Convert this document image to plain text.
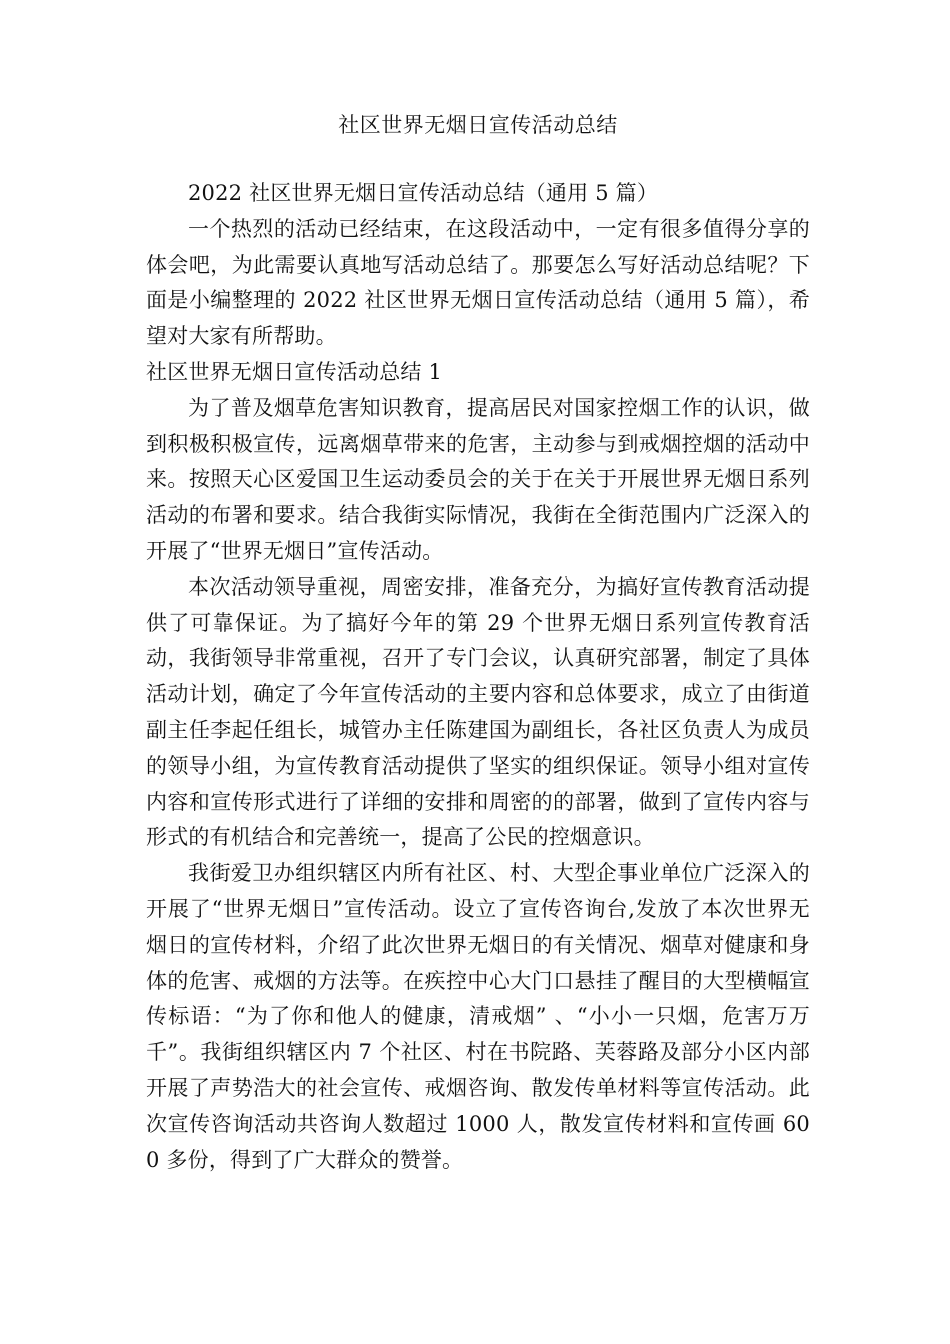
社区世界无烟日宣传活动总结

2022 社区世界无烟日宣传活动总结（通用 5 篇）

一个热烈的活动已经结束，在这段活动中，一定有很多值得分享的体会吧，为此需要认真地写活动总结了。那要怎么写好活动总结呢？下面是小编整理的 2022 社区世界无烟日宣传活动总结（通用 5 篇），希望对大家有所帮助。

社区世界无烟日宣传活动总结 1

为了普及烟草危害知识教育，提高居民对国家控烟工作的认识，做到积极积极宣传，远离烟草带来的危害，主动参与到戒烟控烟的活动中来。按照天心区爱国卫生运动委员会的关于在关于开展世界无烟日系列活动的布署和要求。结合我街实际情况，我街在全街范围内广泛深入的开展了“世界无烟日”宣传活动。

本次活动领导重视，周密安排，准备充分，为搞好宣传教育活动提供了可靠保证。为了搞好今年的第 29 个世界无烟日系列宣传教育活动，我街领导非常重视，召开了专门会议，认真研究部署，制定了具体活动计划，确定了今年宣传活动的主要内容和总体要求，成立了由街道副主任李起任组长，城管办主任陈建国为副组长，各社区负责人为成员的领导小组，为宣传教育活动提供了坚实的组织保证。领导小组对宣传内容和宣传形式进行了详细的安排和周密的的部署，做到了宣传内容与形式的有机结合和完善统一，提高了公民的控烟意识。

我街爱卫办组织辖区内所有社区、村、大型企事业单位广泛深入的开展了“世界无烟日”宣传活动。设立了宣传咨询台,发放了本次世界无烟日的宣传材料，介绍了此次世界无烟日的有关情况、烟草对健康和身体的危害、戒烟的方法等。在疾控中心大门口悬挂了醒目的大型横幅宣传标语：“为了你和他人的健康，清戒烟” 、“小小一只烟，危害万万千”。我街组织辖区内 7 个社区、村在书院路、芙蓉路及部分小区内部开展了声势浩大的社会宣传、戒烟咨询、散发传单材料等宣传活动。此次宣传咨询活动共咨询人数超过 1000 人，散发宣传材料和宣传画 600 多份，得到了广大群众的赞誉。
